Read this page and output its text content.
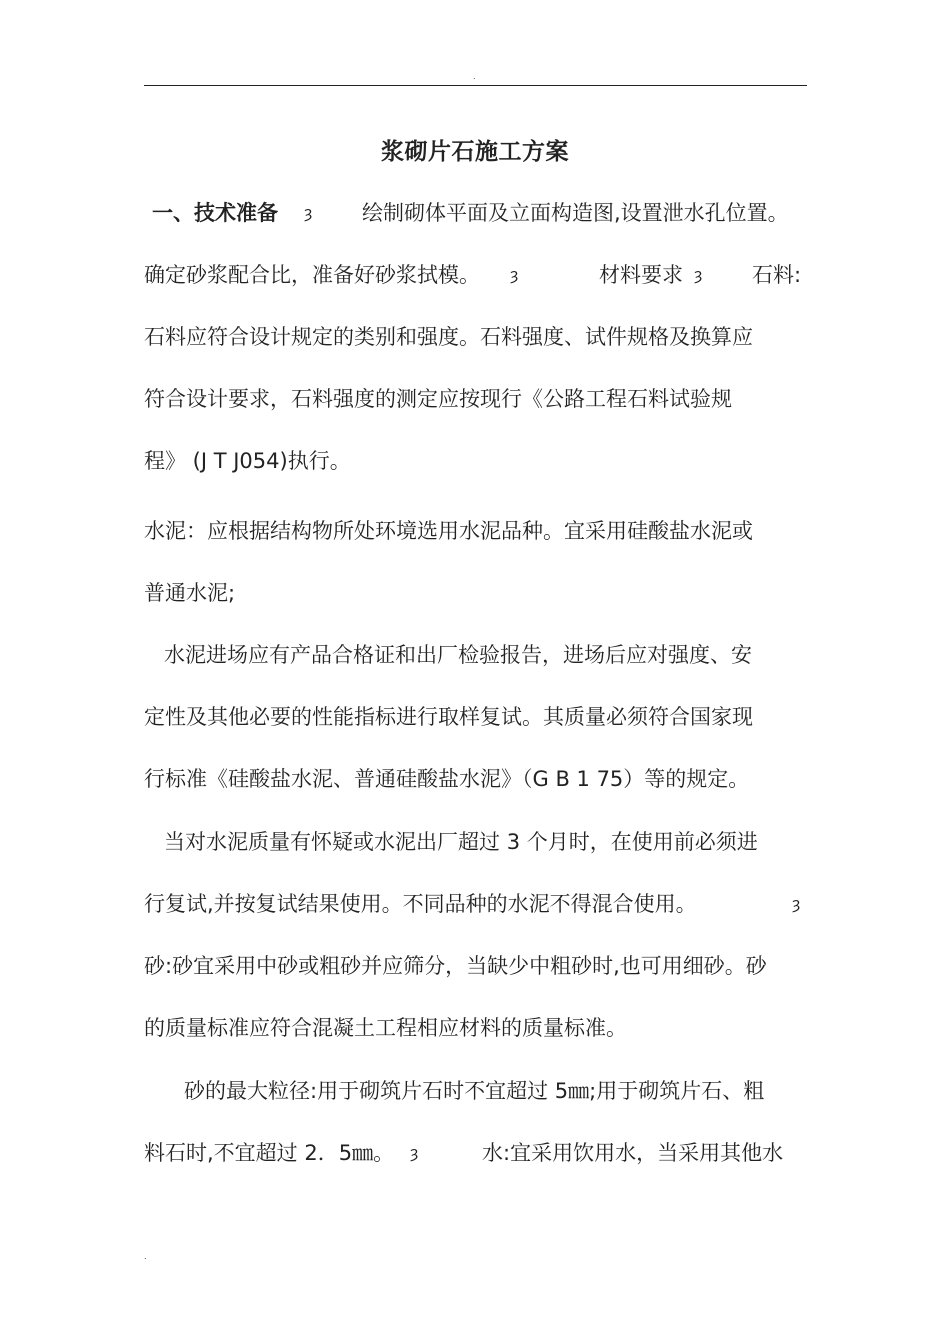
.
浆砌片石施工方案

一、技术准备

ȝ

绘制砌体平面及立面构造图,设置泄水孔位置。

确定砂浆配合比，准备好砂浆拭模。

ȝ

	材料要求

ȝ

石料:

石料应符合设计规定的类别和强度。石料强度、试件规格及换算应
符合设计要求，石料强度的测定应按现行《公路工程石料试验规
程》 (J T J054)执行。
水泥：应根据结构物所处环境选用水泥品种。宜采用硅酸盐水泥或
普通水泥;
水泥进场应有产品合格证和出厂检验报告，进场后应对强度、安
定性及其他必要的性能指标进行取样复试。其质量必须符合国家现
行标准《硅酸盐水泥、普通硅酸盐水泥》（G B 1 75）等的规定。
当对水泥质量有怀疑或水泥出厂超过 3 个月时，在使用前必须进

行复试,并按复试结果使用。不同品种的水泥不得混合使用。

	ȝ

砂:砂宜采用中砂或粗砂并应筛分，当缺少中粗砂时,也可用细砂。砂
的质量标准应符合混凝土工程相应材料的质量标准。
砂的最大粒径:用于砌筑片石时不宜超过 5㎜;用于砌筑片石、粗

料石时,不宜超过 2．5㎜。

ȝ

	水:宜采用饮用水，当采用其他水

.
